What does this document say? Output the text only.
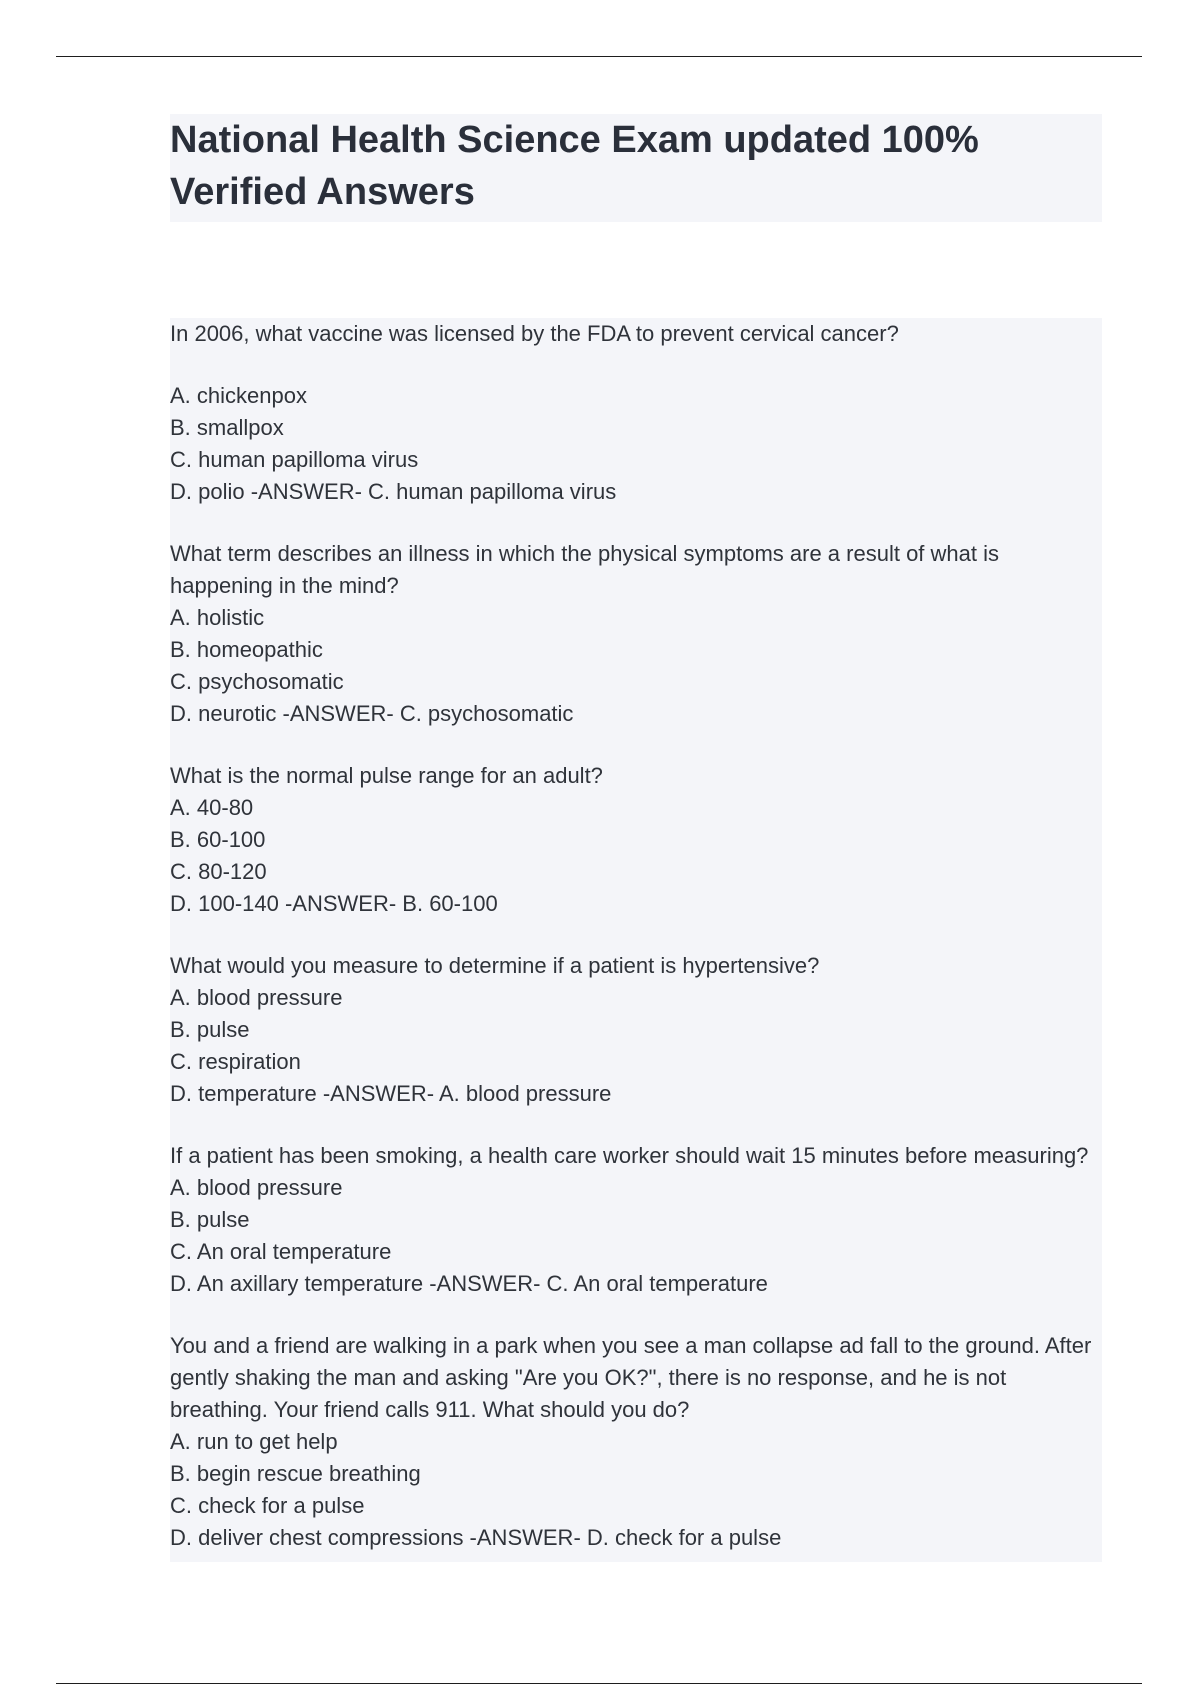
National Health Science Exam updated 100% Verified Answers
In 2006, what vaccine was licensed by the FDA to prevent cervical cancer?
A. chickenpox
B. smallpox
C. human papilloma virus
D. polio -ANSWER- C. human papilloma virus
What term describes an illness in which the physical symptoms are a result of what is happening in the mind?
A. holistic
B. homeopathic
C. psychosomatic
D. neurotic -ANSWER- C. psychosomatic
What is the normal pulse range for an adult?
A. 40-80
B. 60-100
C. 80-120
D. 100-140 -ANSWER- B. 60-100
What would you measure to determine if a patient is hypertensive?
A. blood pressure
B. pulse
C. respiration
D. temperature -ANSWER- A. blood pressure
If a patient has been smoking, a health care worker should wait 15 minutes before measuring?
A. blood pressure
B. pulse
C. An oral temperature
D. An axillary temperature -ANSWER- C. An oral temperature
You and a friend are walking in a park when you see a man collapse ad fall to the ground. After gently shaking the man and asking "Are you OK?", there is no response, and he is not breathing. Your friend calls 911. What should you do?
A. run to get help
B. begin rescue breathing
C. check for a pulse
D. deliver chest compressions -ANSWER- D. check for a pulse
